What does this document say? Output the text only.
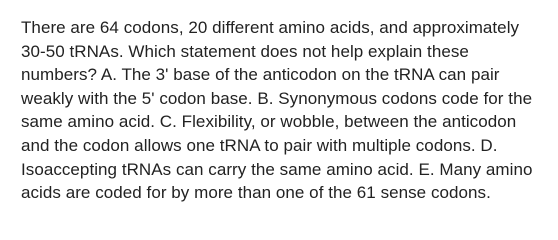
There are 64 codons, 20 different amino acids, and approximately 30-50 tRNAs. Which statement does not help explain these numbers? A. The 3' base of the anticodon on the tRNA can pair weakly with the 5' codon base. B. Synonymous codons code for the same amino acid. C. Flexibility, or wobble, between the anticodon and the codon allows one tRNA to pair with multiple codons. D. Isoaccepting tRNAs can carry the same amino acid. E. Many amino acids are coded for by more than one of the 61 sense codons.
